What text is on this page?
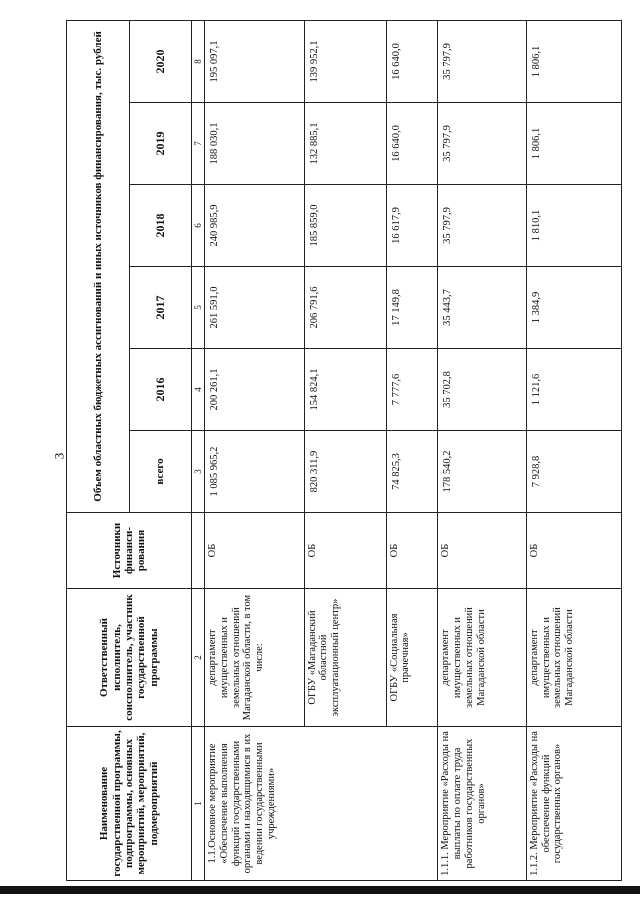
3
Наименование государственной программы, подпрограммы, основных мероприятий, мероприятий, подмероприятий	Ответственный исполнитель, соисполнитель, участник государственной программы	Источники финанси-рования	Объем областных бюджетных ассигнований и иных источников финансирования, тыс. рублей					
			всего	2016	2017	2018	2019	2020
1	2		3	4	5	6	7	8
1.1.Основное мероприятие «Обеспечение выполнения функций государственными органами и находящимися в их ведении государственными учреждениями»	департамент имущественных и земельных отношений Магаданской области, в том числе:	ОБ	1 085 965,2	200 261,1	261 591,0	240 985,9	188 030,1	195 097,1
	ОГБУ «Магаданский областной эксплуатационный центр»	ОБ	820 311,9	154 824,1	206 791,6	185 859,0	132 885,1	139 952,1
	ОГБУ «Социальная прачечная»	ОБ	74 825,3	7 777,6	17 149,8	16 617,9	16 640,0	16 640,0
1.1.1. Мероприятие «Расходы на выплаты по оплате труда работников государственных органов»	департамент имущественных и земельных отношений Магаданской области	ОБ	178 540,2	35 702,8	35 443,7	35 797,9	35 797,9	35 797,9
1.1.2. Мероприятие «Расходы на обеспечение функций государственных органов»	департамент имущественных и земельных отношений Магаданской области	ОБ	7 928,8	1 121,6	1 384,9	1 810,1	1 806,1	1 806,1
